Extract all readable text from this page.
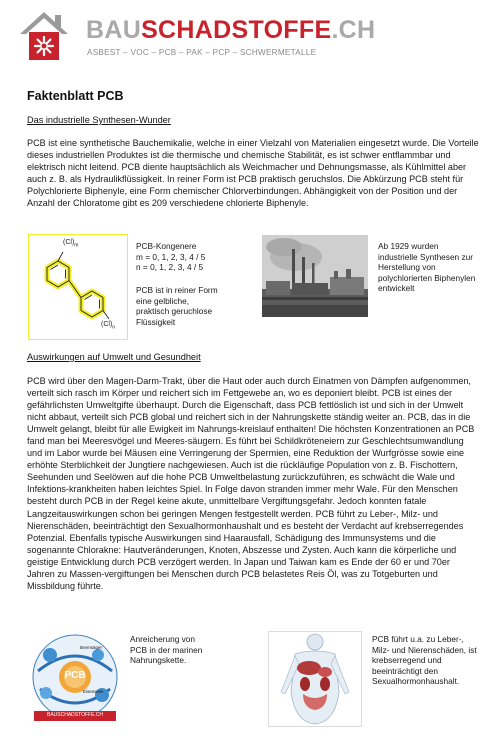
BAUSCHADSTOFFE.CH
ASBEST – VOC – PCB – PAK – PCP – SCHWERMETALLE
Faktenblatt PCB
Das industrielle Synthesen-Wunder
PCB ist eine synthetische Bauchemikalie, welche in einer Vielzahl von Materialien eingesetzt wurde. Die Vorteile dieses industriellen Produktes ist die thermische und chemische Stabilität, es ist schwer entflammbar und elektrisch nicht leitend. PCB diente hauptsächlich als Weichmacher und Dehnungsmasse, als Kühlmittel aber auch z. B. als Hydraulikflüssigkeit. In reiner Form ist PCB praktisch geruchslos. Die Abkürzung PCB steht für Polychlorierte Biphenyle, eine Form chemischer Chlorverbindungen. Abhängigkeit von der Position und der Anzahl der Chloratome gibt es 209 verschiedene chlorierte Biphenyle.
$(Cl)_m$
$(Cl)_n$
PCB-Kongenere
m = 0, 1, 2, 3, 4 / 5
n = 0, 1, 2, 3, 4 / 5
PCB ist in reiner Form eine gelbliche, praktisch geruchlose Flüssigkeit
Ab 1929 wurden industrielle Synthesen zur Herstellung von polychlorierten Biphenylen entwickelt
Auswirkungen auf Umwelt und Gesundheit
PCB wird über den Magen-Darm-Trakt, über die Haut oder auch durch Einatmen von Dämpfen aufgenommen, verteilt sich rasch im Körper und reichert sich im Fettgewebe an, wo es deponiert bleibt. PCB ist eines der gefährlichsten Umweltgifte überhaupt. Durch die Eigenschaft, dass PCB fettlöslich ist und sich in der Umwelt nicht abbaut, verteilt sich PCB global und reichert sich in der Nahrungskette ständig weiter an. PCB, das in die Umwelt gelangt, bleibt für alle Ewigkeit im Nahrungs-kreislauf enthalten! Die höchsten Konzentrationen an PCB fand man bei Meeresvögel und Meeres-säugern. Es führt bei Schildkröteneiern zur Geschlechtsumwandlung und im Labor wurde bei Mäusen eine Verringerung der Spermien, eine Reduktion der Wurfgrösse sowie eine erhöhte Sterblichkeit der Jungtiere nachgewiesen. Auch ist die rückläufige Population von z. B. Fischottern, Seehunden und Seelöwen auf die hohe PCB Umweltbelastung zurückzuführen, es schwächt die Wale und Infektions-krankheiten haben leichtes Spiel. In Folge davon stranden immer mehr Wale. Für den Menschen besteht durch PCB in der Regel keine akute, unmittelbare Vergiftungsgefahr. Jedoch konnten fatale Langzeitauswirkungen schon bei geringen Mengen festgestellt werden. PCB führt zu Leber-, Milz- und Nierenschäden, beeinträchtigt den Sexualhormonhaushalt und es besteht der Verdacht auf krebserregendes Potenzial. Ebenfalls typische Auswirkungen sind Haarausfall, Schädigung des Immunsystems und die sogenannte Chlorakne: Hautveränderungen, Knoten, Abszesse und Zysten. Auch kann die körperliche und geistige Entwicklung durch PCB verzögert werden. In Japan und Taiwan kam es Ende der 60 er und 70er Jahren zu Massen-vergiftungen bei Menschen durch PCB belastetes Reis Öl, was zu Totgeburten und Missbildung führte.
PCB
Bremsäger
Eisenwale
BAUSCHADSTOFFE.CH
Anreicherung von PCB in der marinen Nahrungskette.
PCB führt u.a. zu Leber-, Milz- und Nierenschäden, ist krebserregend und beeinträchtigt den Sexualhormonhaushalt.
